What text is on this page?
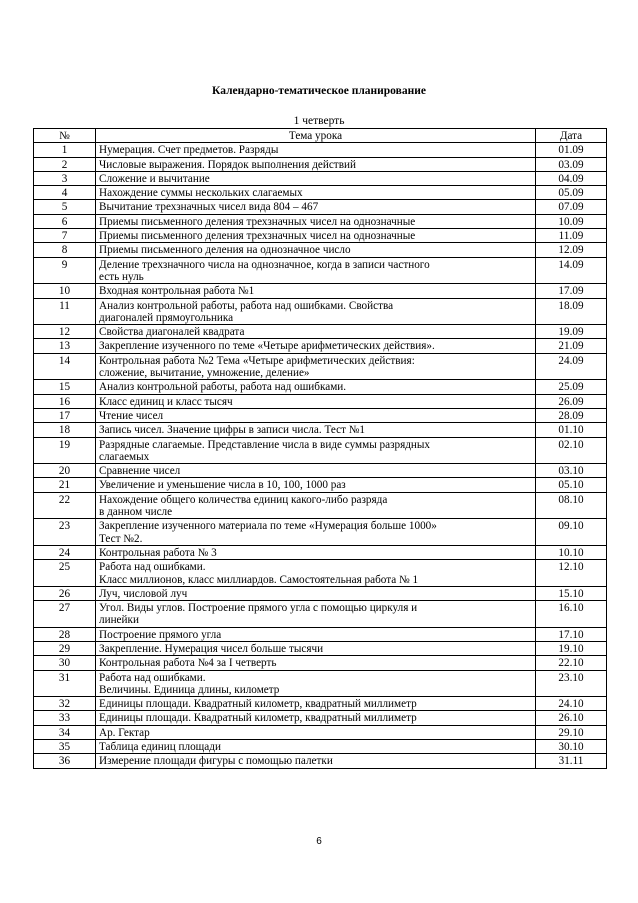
Календарно-тематическое планирование
1 четверть
№	Тема урока	Дата
1	Нумерация. Счет предметов. Разряды	01.09
2	Числовые выражения. Порядок выполнения действий	03.09
3	Сложение и вычитание	04.09
4	Нахождение суммы нескольких слагаемых	05.09
5	Вычитание трехзначных чисел вида 804 – 467	07.09
6	Приемы письменного деления трехзначных чисел на однозначные	10.09
7	Приемы письменного деления трехзначных чисел на однозначные	11.09
8	Приемы письменного деления на однозначное число	12.09
9	Деление трехзначного числа на однозначное, когда в записи частного
есть нуль	14.09
10	Входная контрольная работа №1	17.09
11	Анализ контрольной работы, работа над ошибками. Свойства
диагоналей прямоугольника	18.09
12	Свойства диагоналей квадрата	19.09
13	Закрепление изученного по теме «Четыре арифметических действия».	21.09
14	Контрольная работа №2 Тема «Четыре арифметических действия:
сложение, вычитание, умножение, деление»	24.09
15	Анализ контрольной работы, работа над ошибками.	25.09
16	Класс единиц и класс тысяч	26.09
17	Чтение чисел	28.09
18	Запись чисел. Значение цифры в записи числа. Тест №1	01.10
19	Разрядные слагаемые. Представление числа в виде суммы разрядных
слагаемых	02.10
20	Сравнение чисел	03.10
21	Увеличение и уменьшение числа в 10, 100, 1000 раз	05.10
22	Нахождение общего количества единиц какого-либо разряда
в данном числе	08.10
23	Закрепление изученного материала по теме «Нумерация больше 1000»
Тест №2.	09.10
24	Контрольная работа № 3	10.10
25	Работа над ошибками.
Класс миллионов, класс миллиардов. Самостоятельная работа № 1	12.10
26	Луч, числовой луч	15.10
27	Угол. Виды углов. Построение прямого угла с помощью циркуля и
линейки	16.10
28	Построение прямого угла	17.10
29	Закрепление. Нумерация чисел больше тысячи	19.10
30	Контрольная работа №4 за I четверть	22.10
31	Работа над ошибками.
Величины. Единица длины, километр	23.10
32	Единицы площади. Квадратный километр, квадратный миллиметр	24.10
33	Единицы площади. Квадратный километр, квадратный миллиметр	26.10
34	Ар. Гектар	29.10
35	Таблица единиц площади	30.10
36	Измерение площади фигуры с помощью палетки	31.11
6
